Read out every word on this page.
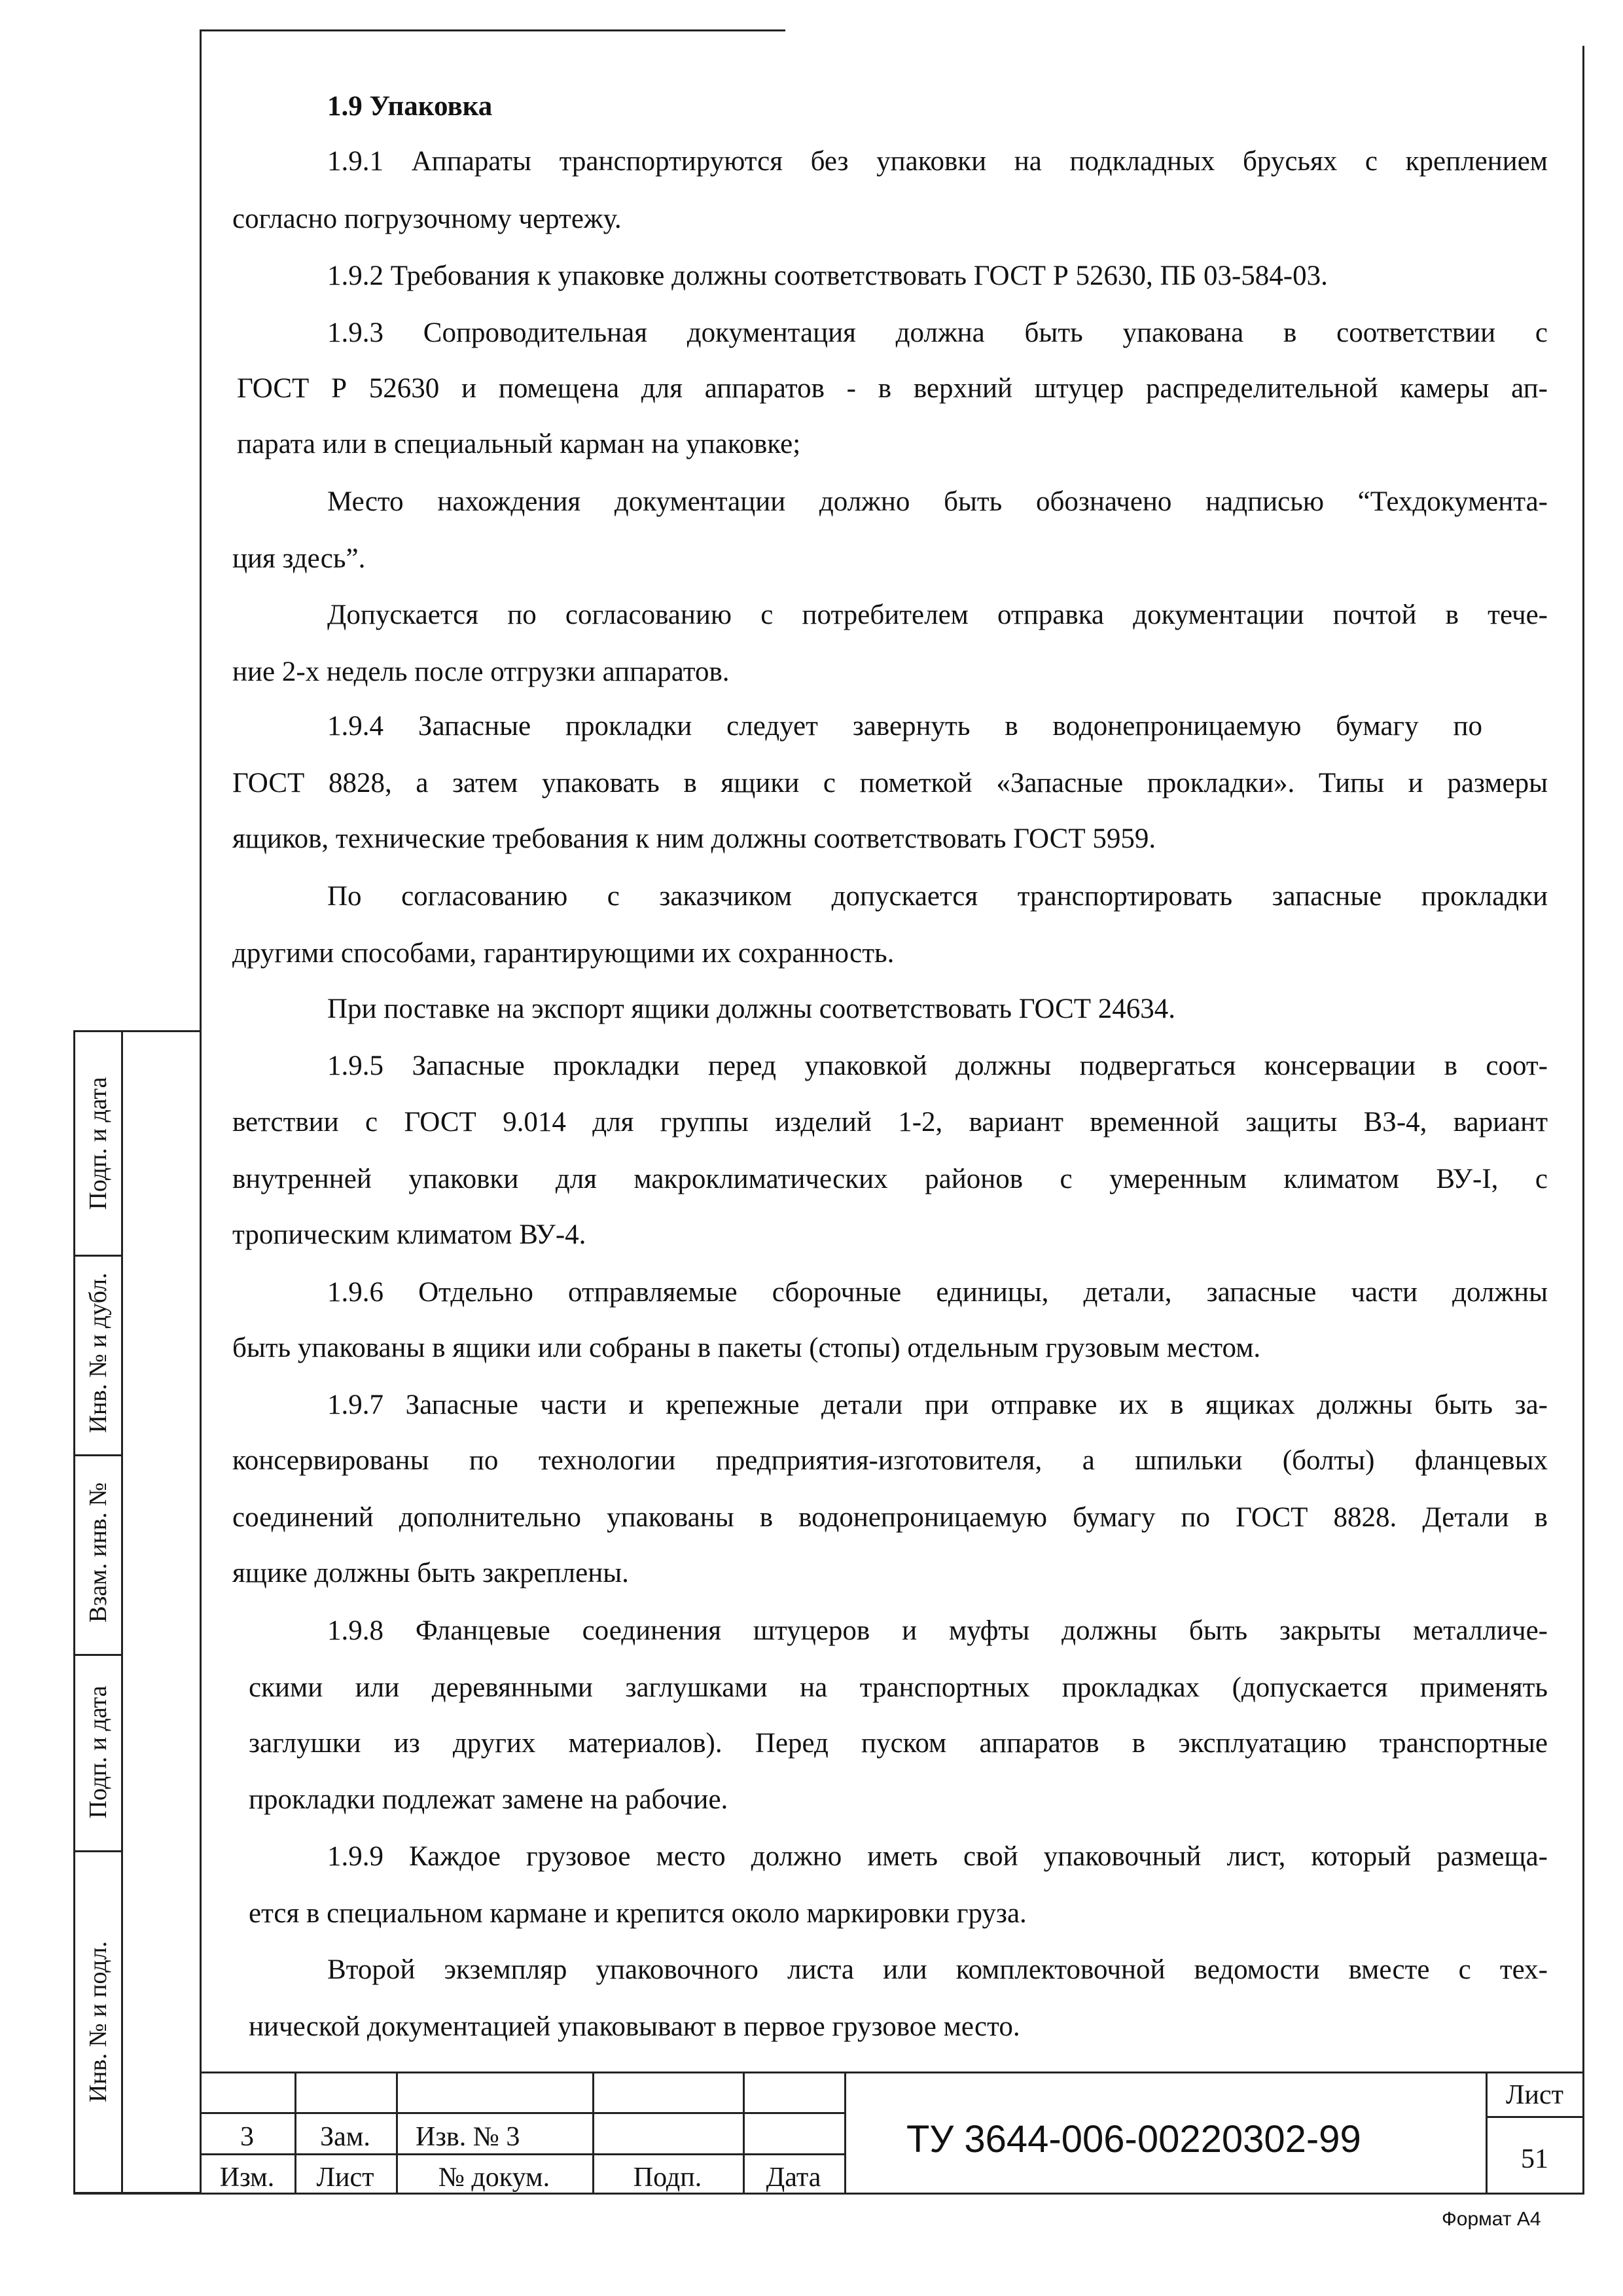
Подп. и дата
Инв. № и дубл.
Взам. инв. №
Подп. и дата
Инв. № и подл.
1.9 Упаковка
1.9.1 Аппараты транспортируются без упаковки на подкладных брусьях с креплением
согласно погрузочному чертежу.
1.9.2 Требования к упаковке должны соответствовать ГОСТ Р 52630, ПБ 03-584-03.
1.9.3 Сопроводительная документация должна быть упакована в соответствии с
ГОСТ Р 52630 и помещена для аппаратов - в верхний штуцер распределительной камеры ап-
парата или в специальный карман на упаковке;
Место нахождения документации должно быть обозначено надписью “Техдокумента-
ция здесь”.
Допускается по согласованию с потребителем отправка документации почтой в тече-
ние 2-х недель после отгрузки аппаратов.
1.9.4 Запасные прокладки следует завернуть в водонепроницаемую бумагу по
ГОСТ 8828, а затем упаковать в ящики с пометкой «Запасные прокладки». Типы и размеры
ящиков, технические требования к ним должны соответствовать ГОСТ 5959.
По согласованию с заказчиком допускается транспортировать запасные прокладки
другими способами, гарантирующими их сохранность.
При поставке на экспорт ящики должны соответствовать ГОСТ 24634.
1.9.5 Запасные прокладки перед упаковкой должны подвергаться консервации в соот-
ветствии с ГОСТ 9.014 для группы изделий 1-2, вариант временной защиты ВЗ-4, вариант
внутренней упаковки для макроклиматических районов с умеренным климатом ВУ-I, с
тропическим климатом ВУ-4.
1.9.6 Отдельно отправляемые сборочные единицы, детали, запасные части должны
быть упакованы в ящики или собраны в пакеты (стопы) отдельным грузовым местом.
1.9.7 Запасные части и крепежные детали при отправке их в ящиках должны быть за-
консервированы по технологии предприятия-изготовителя, а шпильки (болты) фланцевых
соединений дополнительно упакованы в водонепроницаемую бумагу по ГОСТ 8828. Детали в
ящике должны быть закреплены.
1.9.8 Фланцевые соединения штуцеров и муфты должны быть закрыты металличе-
скими или деревянными заглушками на транспортных прокладках (допускается применять
заглушки из других материалов). Перед пуском аппаратов в эксплуатацию транспортные
прокладки подлежат замене на рабочие.
1.9.9 Каждое грузовое место должно иметь свой упаковочный лист, который размеща-
ется в специальном кармане и крепится около маркировки груза.
Второй экземпляр упаковочного листа или комплектовочной ведомости вместе с тех-
нической документацией упаковывают в первое грузовое место.
3	Зам.	Изв. № 3
Изм.	Лист	№ докум.	Подп.	Дата
ТУ 3644-006-00220302-99
Лист
51
Формат А4
